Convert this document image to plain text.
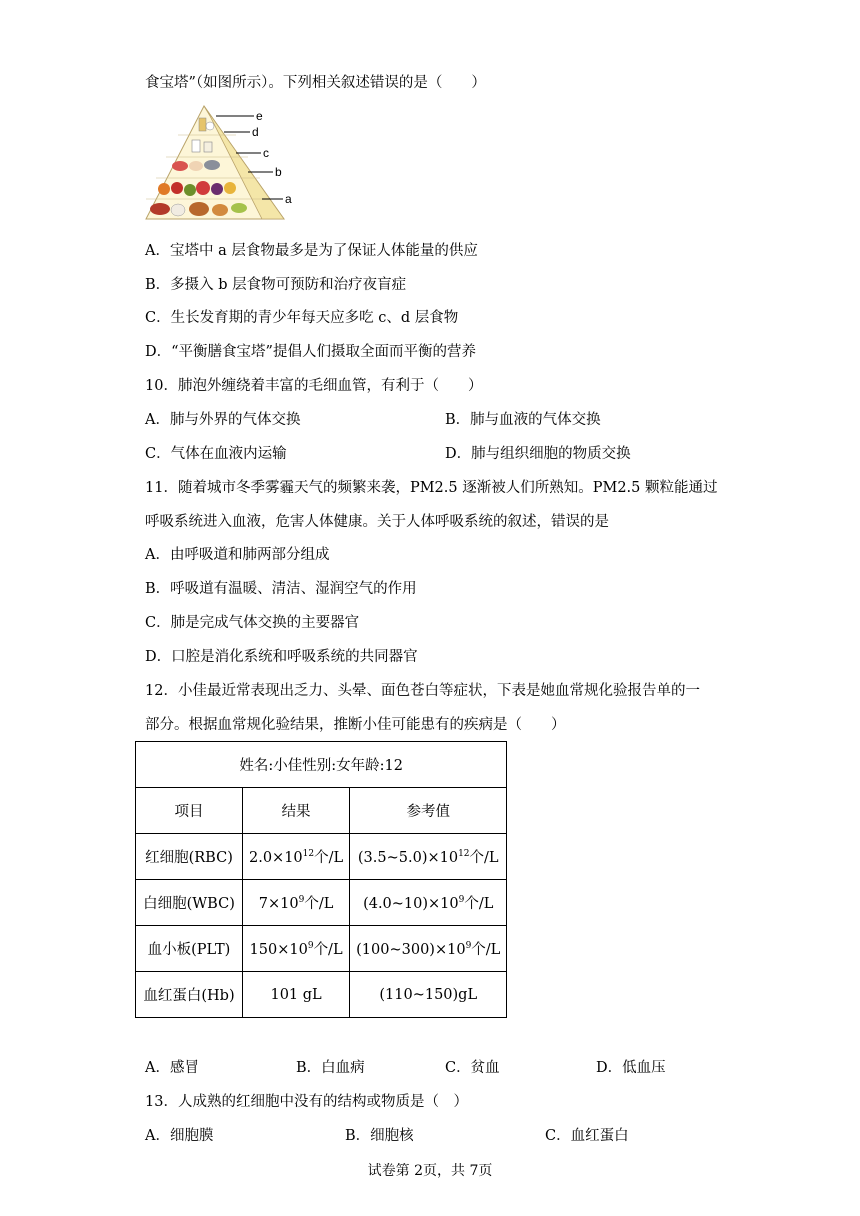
食宝塔”（如图所示）。下列相关叙述错误的是（　　）
e
d
c
b
a
A．宝塔中 a 层食物最多是为了保证人体能量的供应
B．多摄入 b 层食物可预防和治疗夜盲症
C．生长发育期的青少年每天应多吃 c、d 层食物
D．“平衡膳食宝塔”提倡人们摄取全面而平衡的营养
10．肺泡外缠绕着丰富的毛细血管，有利于（　　）
A．肺与外界的气体交换	B．肺与血液的气体交换
C．气体在血液内运输	D．肺与组织细胞的物质交换
11．随着城市冬季雾霾天气的频繁来袭，PM2.5 逐渐被人们所熟知。PM2.5 颗粒能通过
呼吸系统进入血液，危害人体健康。关于人体呼吸系统的叙述，错误的是
A．由呼吸道和肺两部分组成
B．呼吸道有温暖、清洁、湿润空气的作用
C．肺是完成气体交换的主要器官
D．口腔是消化系统和呼吸系统的共同器官
12．小佳最近常表现出乏力、头晕、面色苍白等症状，下表是她血常规化验报告单的一
部分。根据血常规化验结果，推断小佳可能患有的疾病是（　　）
姓名:小佳性别:女年龄:12		
项目	结果	参考值
红细胞(RBC)	$2.0\times 10^{12}$个/L	$(3.5\sim 5.0)\times 10^{12}$个/L
白细胞(WBC)	$7\times 10^9$个/L	$(4.0\sim 10)\times 10^9$个/L
血小板(PLT)	$150\times 10^9$个/L	$(100\sim 300)\times 10^9$个/L
血红蛋白(Hb)	101 gL	(110~150)gL
A．感冒	B．白血病	C．贫血	D．低血压
13．人成熟的红细胞中没有的结构或物质是（　）
A．细胞膜	B．细胞核	C．血红蛋白
试卷第 2页，共 7页
